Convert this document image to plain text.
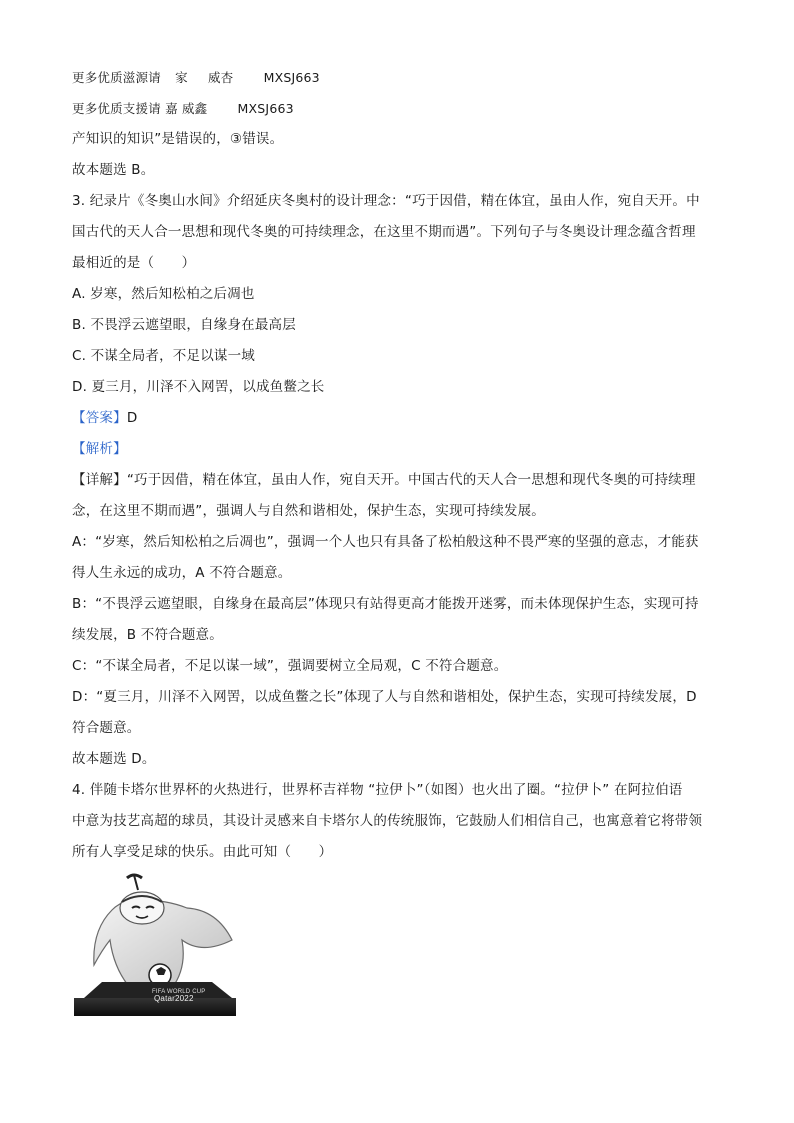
更多优质滋源请 家 威杏 MXSJ663
更多优质支援请 嘉 威鑫 MXSJ663
产知识的知识”是错误的，③错误。
故本题选 B。
3. 纪录片《冬奥山水间》介绍延庆冬奥村的设计理念：“巧于因借，精在体宜，虽由人作，宛自天开。中
国古代的天人合一思想和现代冬奥的可持续理念，在这里不期而遇”。下列句子与冬奥设计理念蕴含哲理
最相近的是（　　）
A. 岁寒，然后知松柏之后凋也
B. 不畏浮云遮望眼，自缘身在最高层
C. 不谋全局者，不足以谋一域
D. 夏三月，川泽不入网罟，以成鱼鳖之长
【答案】D
【解析】
【详解】“巧于因借，精在体宜，虽由人作，宛自天开。中国古代的天人合一思想和现代冬奥的可持续理
念，在这里不期而遇”，强调人与自然和谐相处，保护生态，实现可持续发展。
A：“岁寒，然后知松柏之后凋也”，强调一个人也只有具备了松柏般这种不畏严寒的坚强的意志，才能获
得人生永远的成功，A 不符合题意。
B：“不畏浮云遮望眼，自缘身在最高层”体现只有站得更高才能拨开迷雾，而未体现保护生态，实现可持
续发展，B 不符合题意。
C：“不谋全局者，不足以谋一域”，强调要树立全局观，C 不符合题意。
D：“夏三月，川泽不入网罟，以成鱼鳖之长”体现了人与自然和谐相处，保护生态，实现可持续发展，D
符合题意。
故本题选 D。
4. 伴随卡塔尔世界杯的火热进行，世界杯吉祥物 “拉伊卜”（如图）也火出了圈。“拉伊卜” 在阿拉伯语
中意为技艺高超的球员，其设计灵感来自卡塔尔人的传统服饰，它鼓励人们相信自己，也寓意着它将带领
所有人享受足球的快乐。由此可知（　　）
FIFA WORLD CUP
Qatar2022
